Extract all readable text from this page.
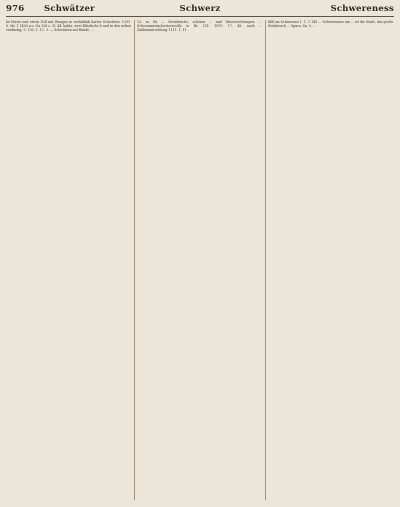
976 Schwätzer	Schwerz	Schwereness

be-Mäste und etwas Zoll mit Wangen in verhältnik harter Schwätzer, 1391. 8. Mr. 1 1400 a.o. Gu 138 c. 5l. 44. kuhla: zwei Blitzfuchs b und in den neben verdindig; 5. 130. 1. 12. 3. — Schwätzen auf Bände, ...

13. m. Br. — Steinbrüche, schöner ... und Wasserschwingen: ... Schwemmenschwitzerwolle w. Br. 151. 1870. 17. 48. auch ... Zahlummirschlung 1111. 1. 11.

fällt im Schmerzen 1. 1. 1 140 ... Schwereness am ... ist die Stadt, das große Steinbruch ... Sparn, Sn. 5. ...
